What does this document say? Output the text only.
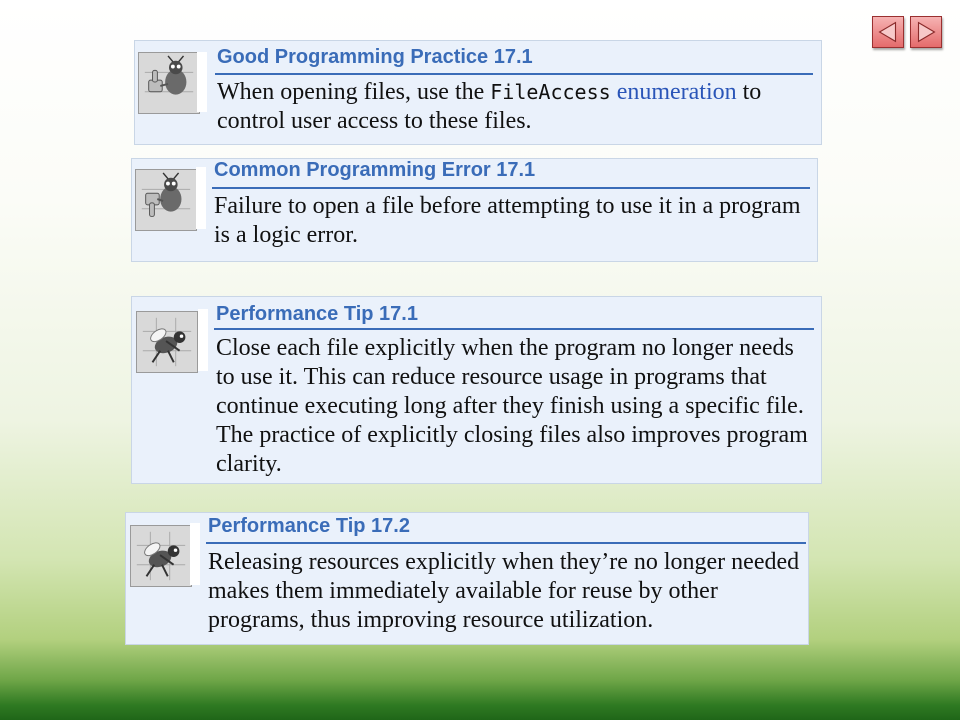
Good Programming Practice 17.1
When opening files, use the FileAccess enumeration to control user access to these files.
Common Programming Error 17.1
Failure to open a file before attempting to use it in a program is a logic error.
Performance Tip 17.1
Close each file explicitly when the program no longer needs to use it. This can reduce resource usage in programs that continue executing long after they finish using a specific file. The practice of explicitly closing files also improves program clarity.
Performance Tip 17.2
Releasing resources explicitly when they’re no longer needed makes them immediately available for reuse by other programs, thus improving resource utilization.
